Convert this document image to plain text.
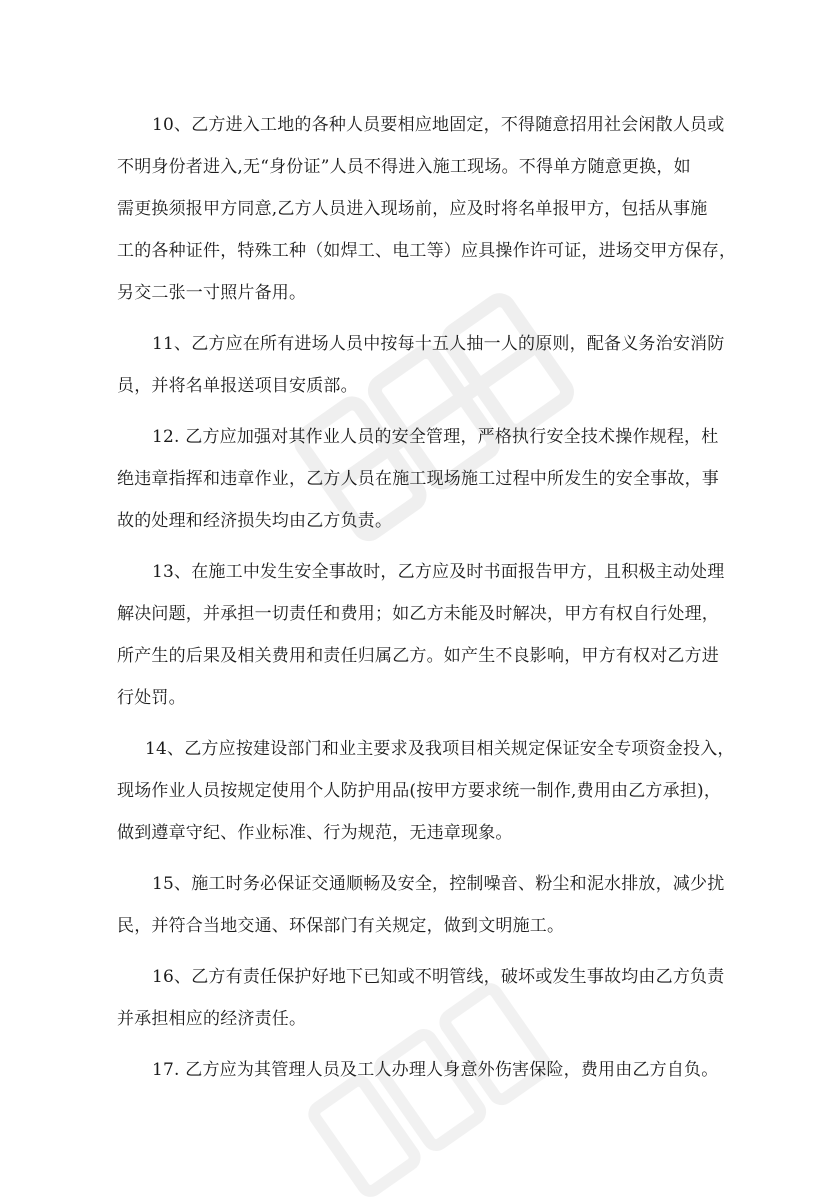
10、乙方进入工地的各种人员要相应地固定，不得随意招用社会闲散人员或
不明身份者进入,无“身份证”人员不得进入施工现场。不得单方随意更换，如
需更换须报甲方同意,乙方人员进入现场前，应及时将名单报甲方，包括从事施
工的各种证件，特殊工种（如焊工、电工等）应具操作许可证，进场交甲方保存，
另交二张一寸照片备用。

11、乙方应在所有进场人员中按每十五人抽一人的原则，配备义务治安消防
员，并将名单报送项目安质部。

12. 乙方应加强对其作业人员的安全管理，严格执行安全技术操作规程，杜
绝违章指挥和违章作业，乙方人员在施工现场施工过程中所发生的安全事故，事
故的处理和经济损失均由乙方负责。

13、在施工中发生安全事故时，乙方应及时书面报告甲方，且积极主动处理
解决问题，并承担一切责任和费用；如乙方未能及时解决，甲方有权自行处理，
所产生的后果及相关费用和责任归属乙方。如产生不良影响，甲方有权对乙方进
行处罚。

14、乙方应按建设部门和业主要求及我项目相关规定保证安全专项资金投入，
现场作业人员按规定使用个人防护用品(按甲方要求统一制作,费用由乙方承担)，
做到遵章守纪、作业标准、行为规范，无违章现象。

15、施工时务必保证交通顺畅及安全，控制噪音、粉尘和泥水排放，减少扰
民，并符合当地交通、环保部门有关规定，做到文明施工。

16、乙方有责任保护好地下已知或不明管线，破坏或发生事故均由乙方负责
并承担相应的经济责任。

17. 乙方应为其管理人员及工人办理人身意外伤害保险，费用由乙方自负。
